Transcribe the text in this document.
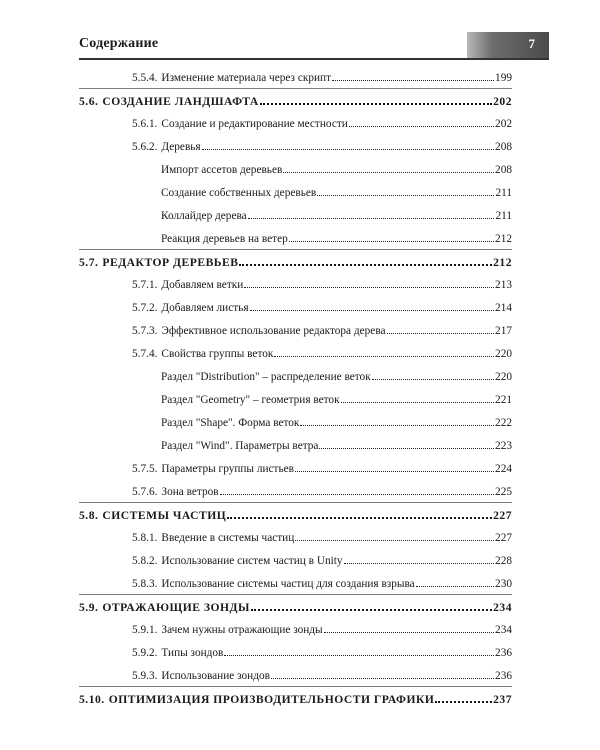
Содержание	7
5.5.4. Изменение материала через скрипт	199
5.6. СОЗДАНИЕ ЛАНДШАФТА	202
5.6.1. Создание и редактирование местности	202
5.6.2. Деревья	208
Импорт ассетов деревьев	208
Создание собственных деревьев	211
Коллайдер дерева	211
Реакция деревьев на ветер	212
5.7. РЕДАКТОР ДЕРЕВЬЕВ	212
5.7.1. Добавляем ветки	213
5.7.2. Добавляем листья	214
5.7.3. Эффективное использование редактора дерева	217
5.7.4. Свойства группы веток	220
Раздел "Distribution" – распределение веток	220
Раздел "Geometry" – геометрия веток	221
Раздел "Shape". Форма веток	222
Раздел "Wind". Параметры ветра	223
5.7.5. Параметры группы листьев	224
5.7.6. Зона ветров	225
5.8. СИСТЕМЫ ЧАСТИЦ	227
5.8.1. Введение в системы частиц	227
5.8.2. Использование систем частиц в Unity	228
5.8.3. Использование системы частиц для создания взрыва	230
5.9. ОТРАЖАЮЩИЕ ЗОНДЫ	234
5.9.1. Зачем нужны отражающие зонды	234
5.9.2. Типы зондов	236
5.9.3. Использование зондов	236
5.10. ОПТИМИЗАЦИЯ ПРОИЗВОДИТЕЛЬНОСТИ ГРАФИКИ	237
